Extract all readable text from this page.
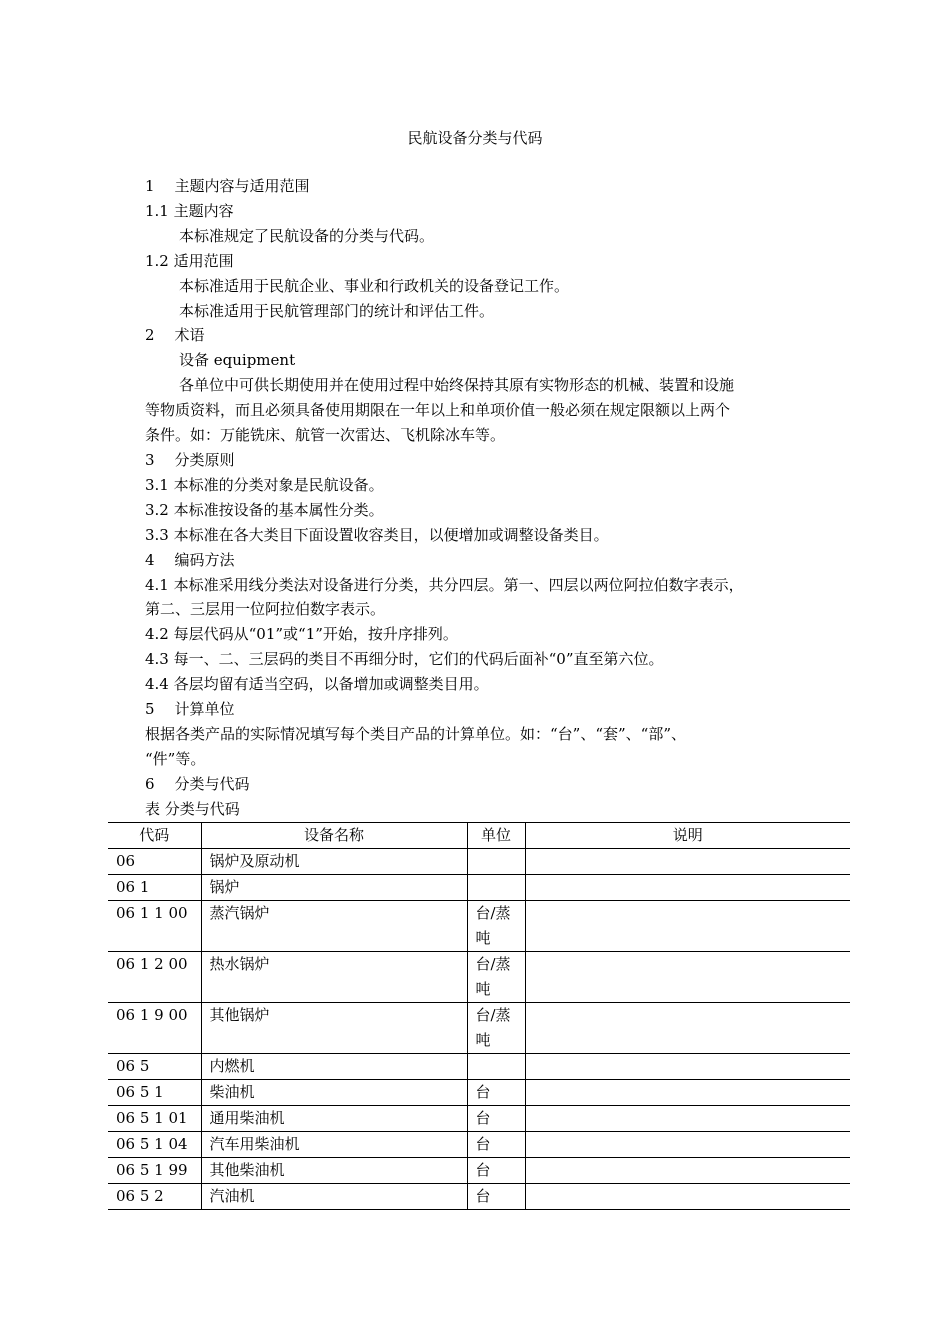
民航设备分类与代码
1 主题内容与适用范围
1.1 主题内容
本标准规定了民航设备的分类与代码。
1.2 适用范围
本标准适用于民航企业、事业和行政机关的设备登记工作。
本标准适用于民航管理部门的统计和评估工件。
2 术语
设备 equipment
各单位中可供长期使用并在使用过程中始终保持其原有实物形态的机械、装置和设施
等物质资料，而且必须具备使用期限在一年以上和单项价值一般必须在规定限额以上两个
条件。如：万能铣床、航管一次雷达、飞机除冰车等。
3 分类原则
3.1 本标准的分类对象是民航设备。
3.2 本标准按设备的基本属性分类。
3.3 本标准在各大类目下面设置收容类目，以便增加或调整设备类目。
4 编码方法
4.1 本标准采用线分类法对设备进行分类，共分四层。第一、四层以两位阿拉伯数字表示，
第二、三层用一位阿拉伯数字表示。
4.2 每层代码从“01”或“1”开始，按升序排列。
4.3 每一、二、三层码的类目不再细分时，它们的代码后面补“0”直至第六位。
4.4 各层均留有适当空码，以备增加或调整类目用。
5 计算单位
根据各类产品的实际情况填写每个类目产品的计算单位。如：“台”、“套”、“部”、
“件”等。
6 分类与代码
表 分类与代码
代码	设备名称	单位	说明
06	锅炉及原动机		
06 1	锅炉		
06 1 1 00	蒸汽锅炉	台/蒸吨	
06 1 2 00	热水锅炉	台/蒸吨	
06 1 9 00	其他锅炉	台/蒸吨	
06 5	内燃机		
06 5 1	柴油机	台	
06 5 1 01	通用柴油机	台	
06 5 1 04	汽车用柴油机	台	
06 5 1 99	其他柴油机	台	
06 5 2	汽油机	台	
